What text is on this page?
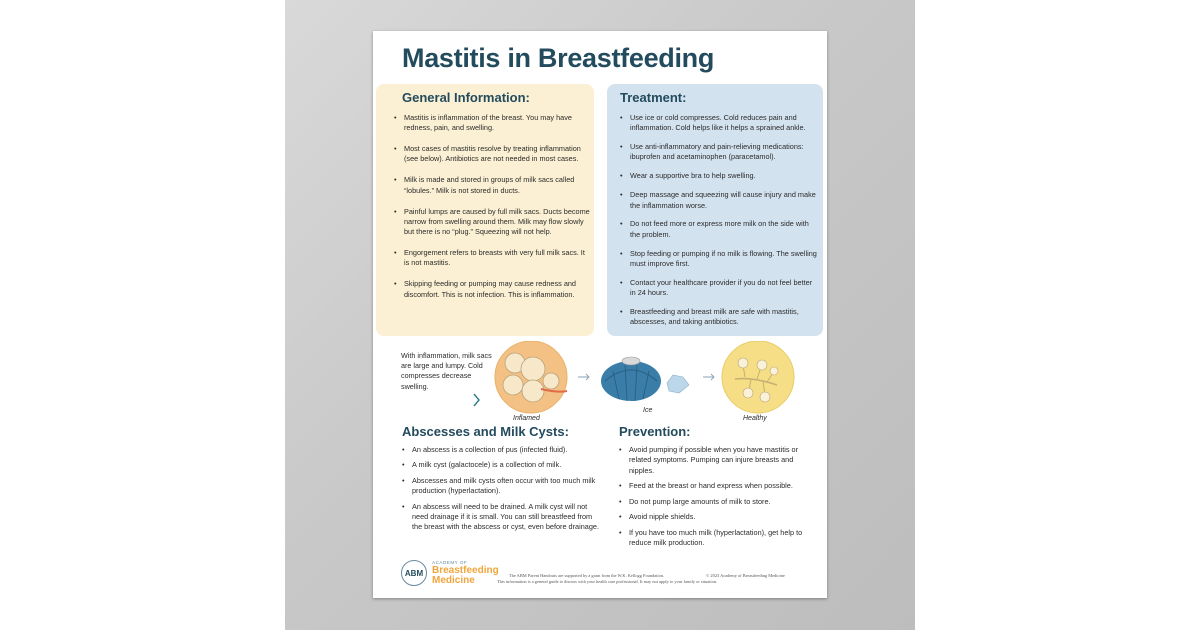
Mastitis in Breastfeeding
General Information:
• Mastitis is inflammation of the breast. You may have redness, pain, and swelling.
• Most cases of mastitis resolve by treating inflammation (see below). Antibiotics are not needed in most cases.
• Milk is made and stored in groups of milk sacs called “lobules.” Milk is not stored in ducts.
• Painful lumps are caused by full milk sacs. Ducts become narrow from swelling around them. Milk may flow slowly but there is no “plug.” Squeezing will not help.
• Engorgement refers to breasts with very full milk sacs. It is not mastitis.
• Skipping feeding or pumping may cause redness and discomfort. This is not infection. This is inflammation.
Treatment:
• Use ice or cold compresses. Cold reduces pain and inflammation. Cold helps like it helps a sprained ankle.
• Use anti-inflammatory and pain-relieving medications: ibuprofen and acetaminophen (paracetamol).
• Wear a supportive bra to help swelling.
• Deep massage and squeezing will cause injury and make the inflammation worse.
• Do not feed more or express more milk on the side with the problem.
• Stop feeding or pumping if no milk is flowing. The swelling must improve first.
• Contact your healthcare provider if you do not feel better in 24 hours.
• Breastfeeding and breast milk are safe with mastitis, abscesses, and taking antibiotics.
With inflammation, milk sacs are large and lumpy. Cold compresses decrease swelling.
Inflamed
Ice
Healthy
Abscesses and Milk Cysts:
• An abscess is a collection of pus (infected fluid).
• A milk cyst (galactocele) is a collection of milk.
• Abscesses and milk cysts often occur with too much milk production (hyperlactation).
• An abscess will need to be drained. A milk cyst will not need drainage if it is small. You can still breastfeed from the breast with the abscess or cyst, even before drainage.
Prevention:
• Avoid pumping if possible when you have mastitis or related symptoms. Pumping can injure breasts and nipples.
• Feed at the breast or hand express when possible.
• Do not pump large amounts of milk to store.
• Avoid nipple shields.
• If you have too much milk (hyperlactation), get help to reduce milk production.
ABM
ACADEMY OF
Breastfeeding
Medicine	The ABM Parent Handouts are supported by a grant from the W.K. Kellogg Foundation.	© 2023 Academy of Breastfeeding Medicine
This information is a general guide to discuss with your health care professional. It may not apply to your family or situation.
